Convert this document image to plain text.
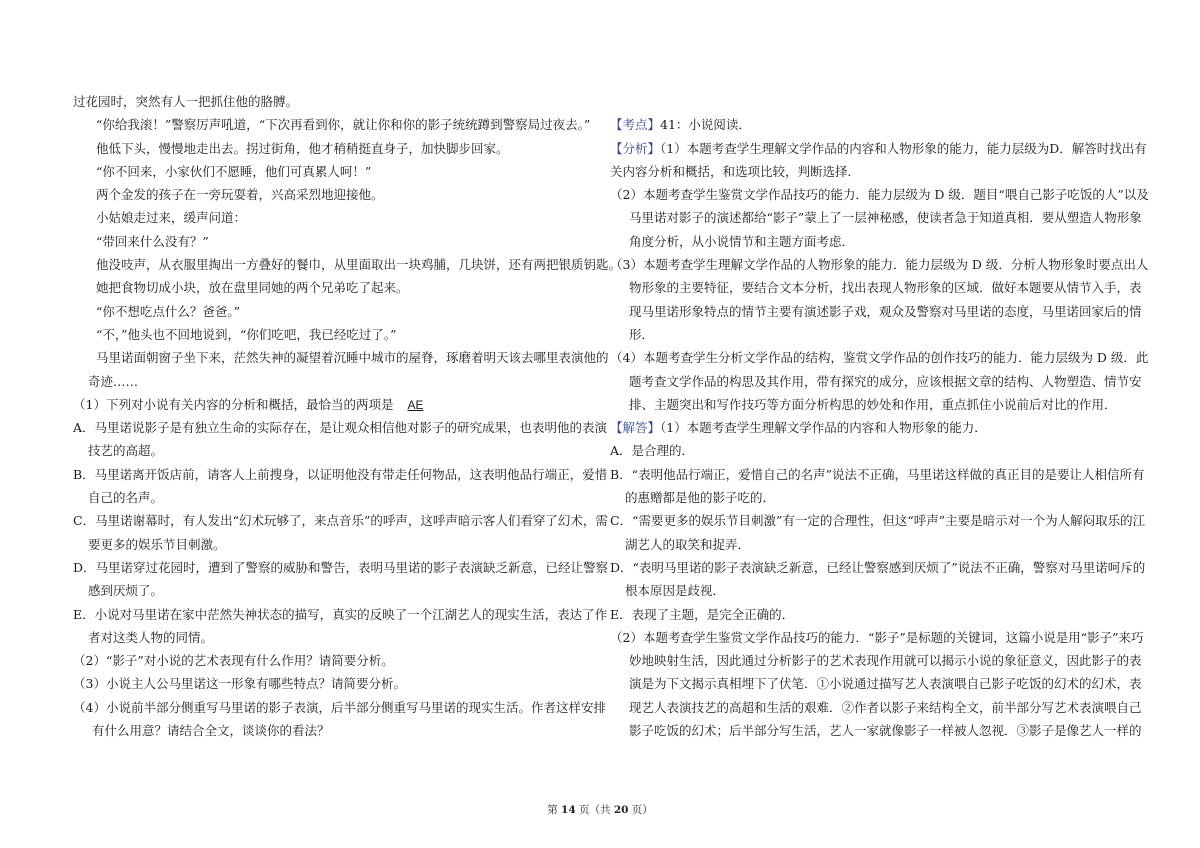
过花园时，突然有人一把抓住他的胳膊。
“你给我滚！”警察厉声吼道，“下次再看到你，就让你和你的影子统统蹲到警察局过夜去。”
他低下头，慢慢地走出去。拐过街角，他才稍稍挺直身子，加快脚步回家。
“你不回来，小家伙们不愿睡，他们可真累人呵！”
两个金发的孩子在一旁玩耍着，兴高采烈地迎接他。
小姑娘走过来，缓声问道：
“带回来什么没有？”
他没吱声，从衣服里掏出一方叠好的餐巾，从里面取出一块鸡脯，几块饼，还有两把银质钥匙。
她把食物切成小块，放在盘里同她的两个兄弟吃了起来。
“你不想吃点什么？爸爸。”
“不，”他头也不回地说到，“你们吃吧，我已经吃过了。”
马里诺面朝窗子坐下来，茫然失神的凝望着沉睡中城市的屋脊，琢磨着明天该去哪里表演他的
奇迹……
（1）下列对小说有关内容的分析和概括，最恰当的两项是 AE
A．马里诺说影子是有独立生命的实际存在，是让观众相信他对影子的研究成果，也表明他的表演
技艺的高超。
B．马里诺离开饭店前，请客人上前搜身，以证明他没有带走任何物品，这表明他品行端正，爱惜
自己的名声。
C．马里诺谢幕时，有人发出“幻术玩够了，来点音乐”的呼声，这呼声暗示客人们看穿了幻术，需
要更多的娱乐节目刺激。
D．马里诺穿过花园时，遭到了警察的威胁和警告，表明马里诺的影子表演缺乏新意，已经让警察
感到厌烦了。
E．小说对马里诺在家中茫然失神状态的描写，真实的反映了一个江湖艺人的现实生活，表达了作
者对这类人物的同情。
（2）“影子”对小说的艺术表现有什么作用？请简要分析。
（3）小说主人公马里诺这一形象有哪些特点？请简要分析。
（4）小说前半部分侧重写马里诺的影子表演，后半部分侧重写马里诺的现实生活。作者这样安排
有什么用意？请结合全文，谈谈你的看法？
【考点】41：小说阅读．
【分析】（1）本题考查学生理解文学作品的内容和人物形象的能力，能力层级为D．解答时找出有
关内容分析和概括，和选项比较，判断选择．
（2）本题考查学生鉴赏文学作品技巧的能力．能力层级为 D 级．题目“喂自己影子吃饭的人”以及
马里诺对影子的演述都给“影子”蒙上了一层神秘感，使读者急于知道真相．要从塑造人物形象
角度分析，从小说情节和主题方面考虑．
（3）本题考查学生理解文学作品的人物形象的能力．能力层级为 D 级．分析人物形象时要点出人
物形象的主要特征，要结合文本分析，找出表现人物形象的区域．做好本题要从情节入手，表
现马里诺形象特点的情节主要有演述影子戏，观众及警察对马里诺的态度，马里诺回家后的情
形．
（4）本题考查学生分析文学作品的结构，鉴赏文学作品的创作技巧的能力．能力层级为 D 级．此
题考查文学作品的构思及其作用，带有探究的成分，应该根据文章的结构、人物塑造、情节安
排、主题突出和写作技巧等方面分析构思的妙处和作用，重点抓住小说前后对比的作用．
【解答】（1）本题考查学生理解文学作品的内容和人物形象的能力．
A．是合理的．
B．“表明他品行端正，爱惜自己的名声”说法不正确，马里诺这样做的真正目的是要让人相信所有
的惠赠都是他的影子吃的．
C．“需要更多的娱乐节目刺激”有一定的合理性，但这“呼声”主要是暗示对一个为人解闷取乐的江
湖艺人的取笑和捉弄．
D．“表明马里诺的影子表演缺乏新意，已经让警察感到厌烦了”说法不正确，警察对马里诺呵斥的
根本原因是歧视．
E．表现了主题，是完全正确的．
（2）本题考查学生鉴赏文学作品技巧的能力．“影子”是标题的关键词，这篇小说是用“影子”来巧
妙地映射生活，因此通过分析影子的艺术表现作用就可以揭示小说的象征意义，因此影子的表
演是为下文揭示真相埋下了伏笔．①小说通过描写艺人表演喂自己影子吃饭的幻术的幻术，表
现艺人表演技艺的高超和生活的艰难．②作者以影子来结构全文，前半部分写艺术表演喂自己
影子吃饭的幻术；后半部分写生活，艺人一家就像影子一样被人忽视．③影子是像艺人一样的
第 14 页（共 20 页）
